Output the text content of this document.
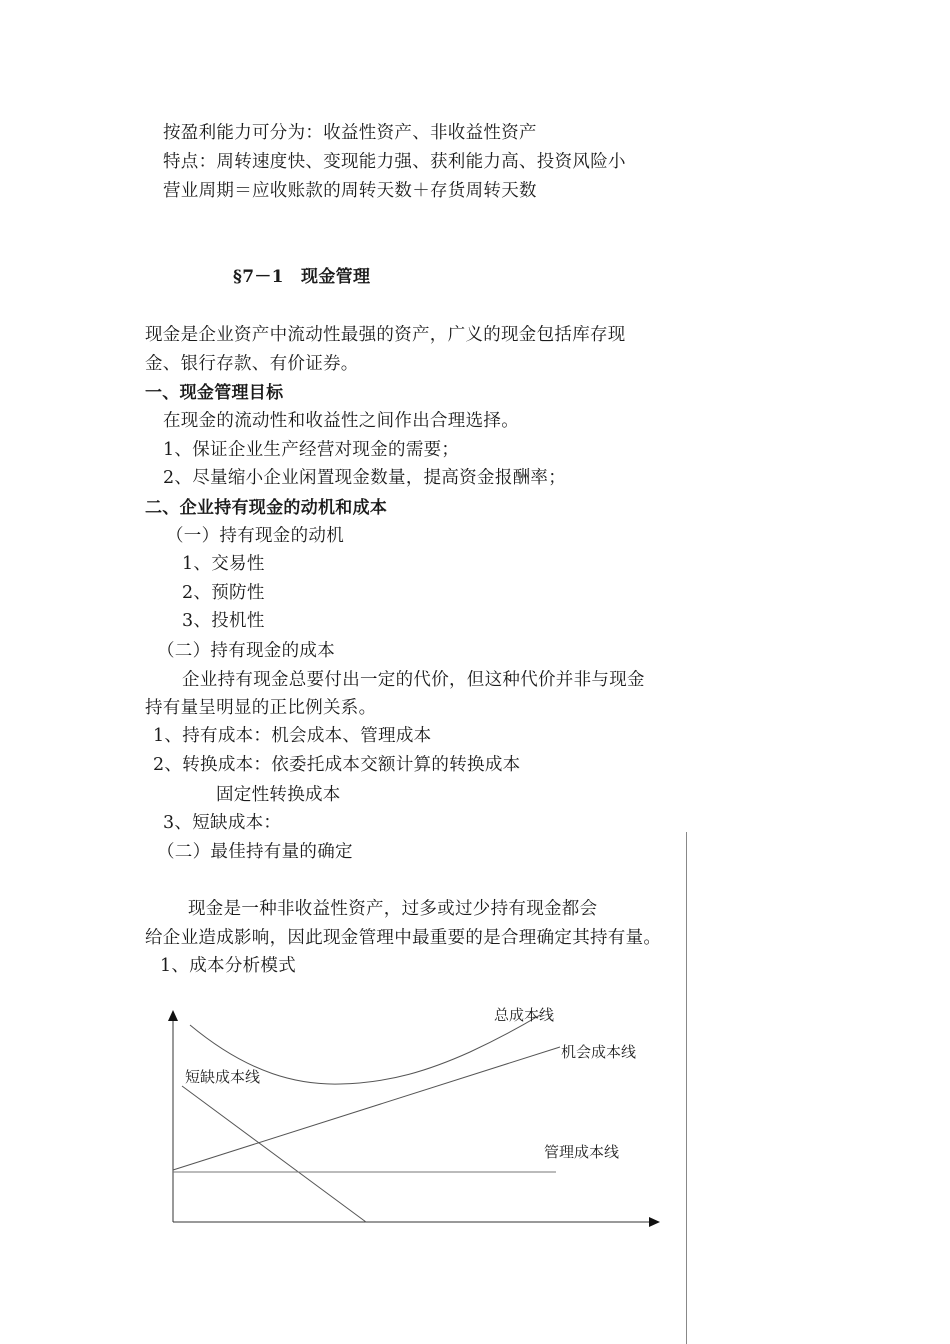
按盈利能力可分为：收益性资产、非收益性资产
特点：周转速度快、变现能力强、获利能力高、投资风险小
营业周期＝应收账款的周转天数＋存货周转天数
§7－1　现金管理
现金是企业资产中流动性最强的资产，广义的现金包括库存现
金、银行存款、有价证券。
一、现金管理目标
在现金的流动性和收益性之间作出合理选择。
1、保证企业生产经营对现金的需要；
2、尽量缩小企业闲置现金数量，提高资金报酬率；
二、企业持有现金的动机和成本
（一）持有现金的动机
1、交易性
2、预防性
3、投机性
（二）持有现金的成本
企业持有现金总要付出一定的代价，但这种代价并非与现金
持有量呈明显的正比例关系。
1、持有成本：机会成本、管理成本
2、转换成本：依委托成本交额计算的转换成本
固定性转换成本
3、短缺成本：
（二）最佳持有量的确定
现金是一种非收益性资产，过多或过少持有现金都会
给企业造成影响，因此现金管理中最重要的是合理确定其持有量。
1、成本分析模式
总成本线
机会成本线
短缺成本线
管理成本线
